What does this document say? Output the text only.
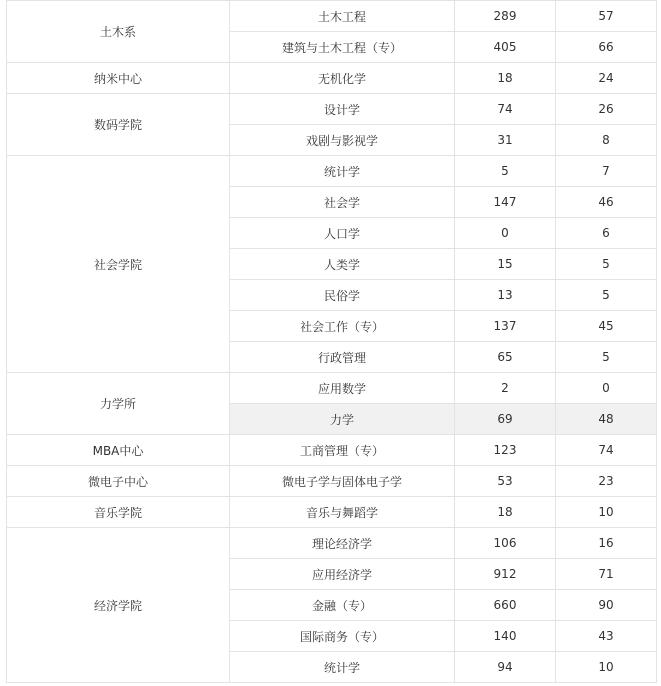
土木系	土木工程	289	57
	建筑与土木工程（专）	405	66
纳米中心	无机化学	18	24
数码学院	设计学	74	26
	戏剧与影视学	31	8
社会学院	统计学	5	7
	社会学	147	46
	人口学	0	6
	人类学	15	5
	民俗学	13	5
	社会工作（专）	137	45
	行政管理	65	5
力学所	应用数学	2	0
	力学	69	48
MBA中心	工商管理（专）	123	74
微电子中心	微电子学与固体电子学	53	23
音乐学院	音乐与舞蹈学	18	10
经济学院	理论经济学	106	16
	应用经济学	912	71
	金融（专）	660	90
	国际商务（专）	140	43
	统计学	94	10
